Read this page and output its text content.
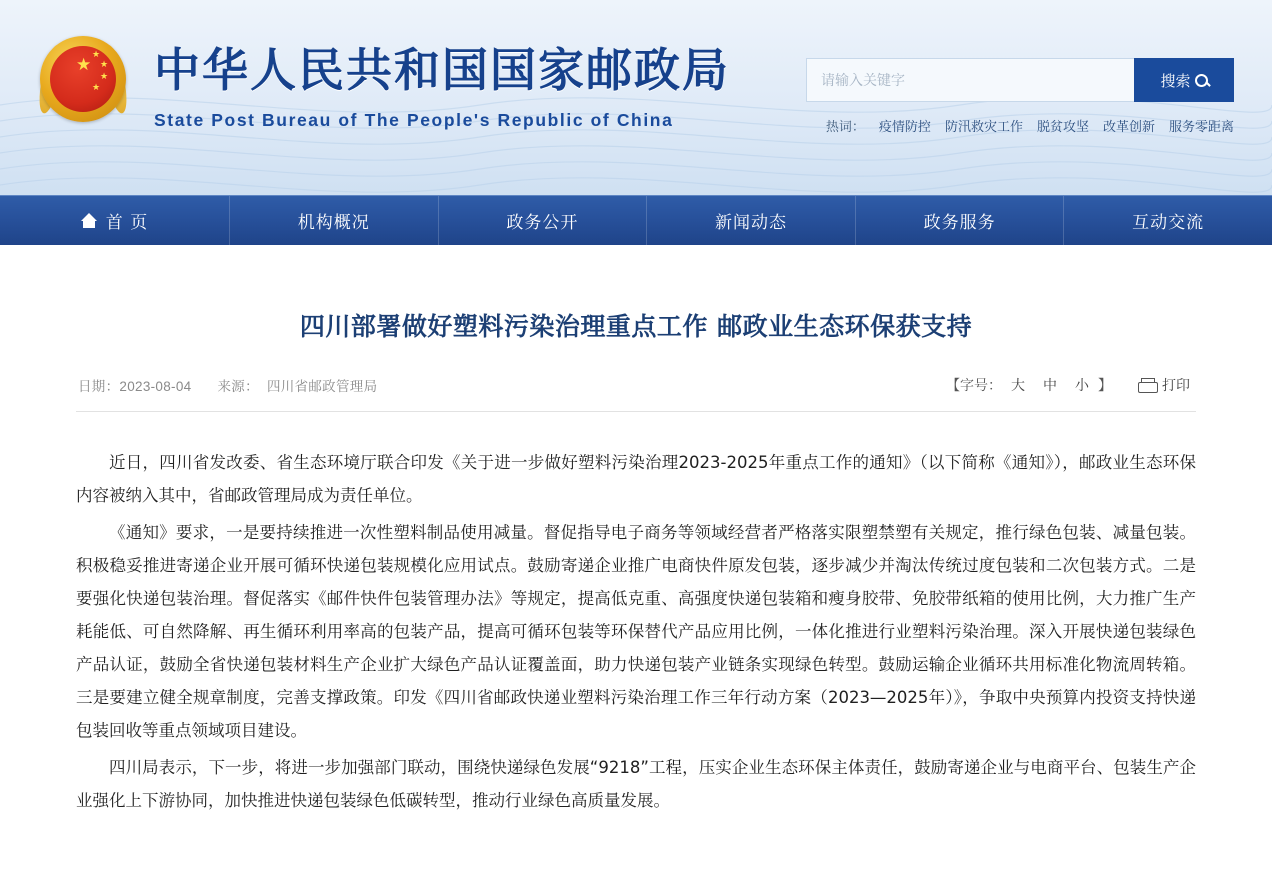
★
★
★
★
★ 中华人民共和国国家邮政局
State Post Bureau of The People's Republic of China
请输入关键字
搜索
热词： 疫情防控 防汛救灾工作 脱贫攻坚 改革创新 服务零距离
首 页	机构概况	政务公开	新闻动态	政务服务	互动交流
四川部署做好塑料污染治理重点工作 邮政业生态环保获支持
日期：2023-08-04 来源： 四川省邮政管理局	【字号： 大	中	小 】	打印

近日，四川省发改委、省生态环境厅联合印发《关于进一步做好塑料污染治理2023-2025年重点工作的通知》（以下简称《通知》），邮政业生态环保内容被纳入其中，省邮政管理局成为责任单位。

《通知》要求，一是要持续推进一次性塑料制品使用减量。督促指导电子商务等领域经营者严格落实限塑禁塑有关规定，推行绿色包装、减量包装。积极稳妥推进寄递企业开展可循环快递包装规模化应用试点。鼓励寄递企业推广电商快件原发包装，逐步减少并淘汰传统过度包装和二次包装方式。二是要强化快递包装治理。督促落实《邮件快件包装管理办法》等规定，提高低克重、高强度快递包装箱和瘦身胶带、免胶带纸箱的使用比例，大力推广生产耗能低、可自然降解、再生循环利用率高的包装产品，提高可循环包装等环保替代产品应用比例，一体化推进行业塑料污染治理。深入开展快递包装绿色产品认证，鼓励全省快递包装材料生产企业扩大绿色产品认证覆盖面，助力快递包装产业链条实现绿色转型。鼓励运输企业循环共用标准化物流周转箱。三是要建立健全规章制度，完善支撑政策。印发《四川省邮政快递业塑料污染治理工作三年行动方案（2023—2025年）》，争取中央预算内投资支持快递包装回收等重点领域项目建设。

四川局表示，下一步，将进一步加强部门联动，围绕快递绿色发展“9218”工程，压实企业生态环保主体责任，鼓励寄递企业与电商平台、包装生产企业强化上下游协同，加快推进快递包装绿色低碳转型，推动行业绿色高质量发展。
